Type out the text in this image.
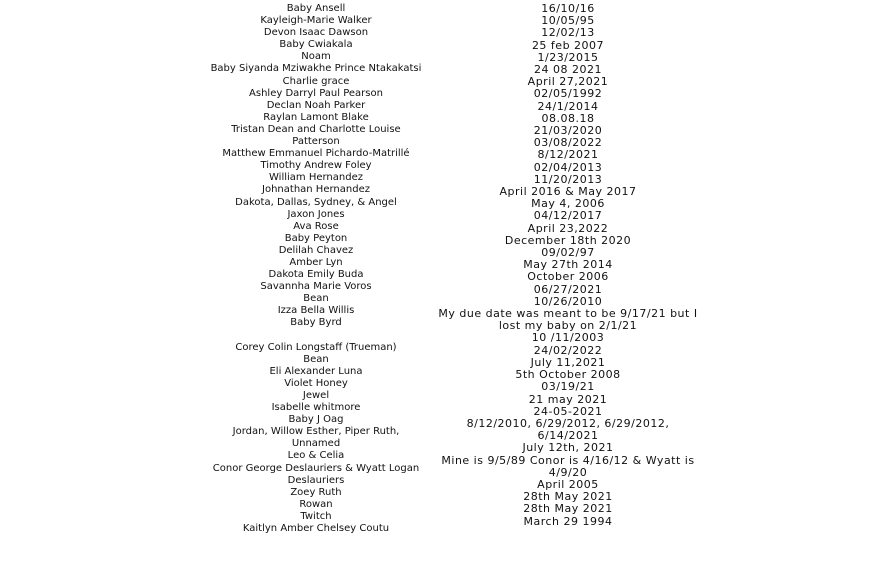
Baby Ansell
Kayleigh-Marie Walker
Devon Isaac Dawson
Baby Cwiakala
Noam
Baby Siyanda Mziwakhe Prince Ntakakatsi
Charlie grace
Ashley Darryl Paul Pearson
Declan Noah Parker
Raylan Lamont Blake
Tristan Dean and Charlotte Louise
Patterson
Matthew Emmanuel Pichardo-Matrillé
Timothy Andrew Foley
William Hernandez
Johnathan Hernandez
Dakota, Dallas, Sydney, & Angel
Jaxon Jones
Ava Rose
Baby Peyton
Delilah Chavez
Amber Lyn
Dakota Emily Buda
Savannha Marie Voros
Bean
Izza Bella Willis
Baby Byrd

Corey Colin Longstaff (Trueman)
Bean
Eli Alexander Luna
Violet Honey
Jewel
Isabelle whitmore
Baby J Oag
Jordan, Willow Esther, Piper Ruth,
Unnamed
Leo & Celia
Conor George Deslauriers & Wyatt Logan
Deslauriers
Zoey Ruth
Rowan
Twitch
Kaitlyn Amber Chelsey Coutu
16/10/16
10/05/95
12/02/13
25 feb 2007
1/23/2015
24 08 2021
April 27,2021
02/05/1992
24/1/2014
08.08.18
21/03/2020
03/08/2022
8/12/2021
02/04/2013
11/20/2013
April 2016 & May 2017
May 4, 2006
04/12/2017
April 23,2022
December 18th 2020
09/02/97
May 27th 2014
October 2006
06/27/2021
10/26/2010
My due date was meant to be 9/17/21 but I
lost my baby on 2/1/21
10 /11/2003
24/02/2022
July 11,2021
5th October 2008
03/19/21
21 may 2021
24-05-2021
8/12/2010, 6/29/2012, 6/29/2012,
6/14/2021
July 12th, 2021
Mine is 9/5/89 Conor is 4/16/12 & Wyatt is
4/9/20
April 2005
28th May 2021
28th May 2021
March 29 1994
